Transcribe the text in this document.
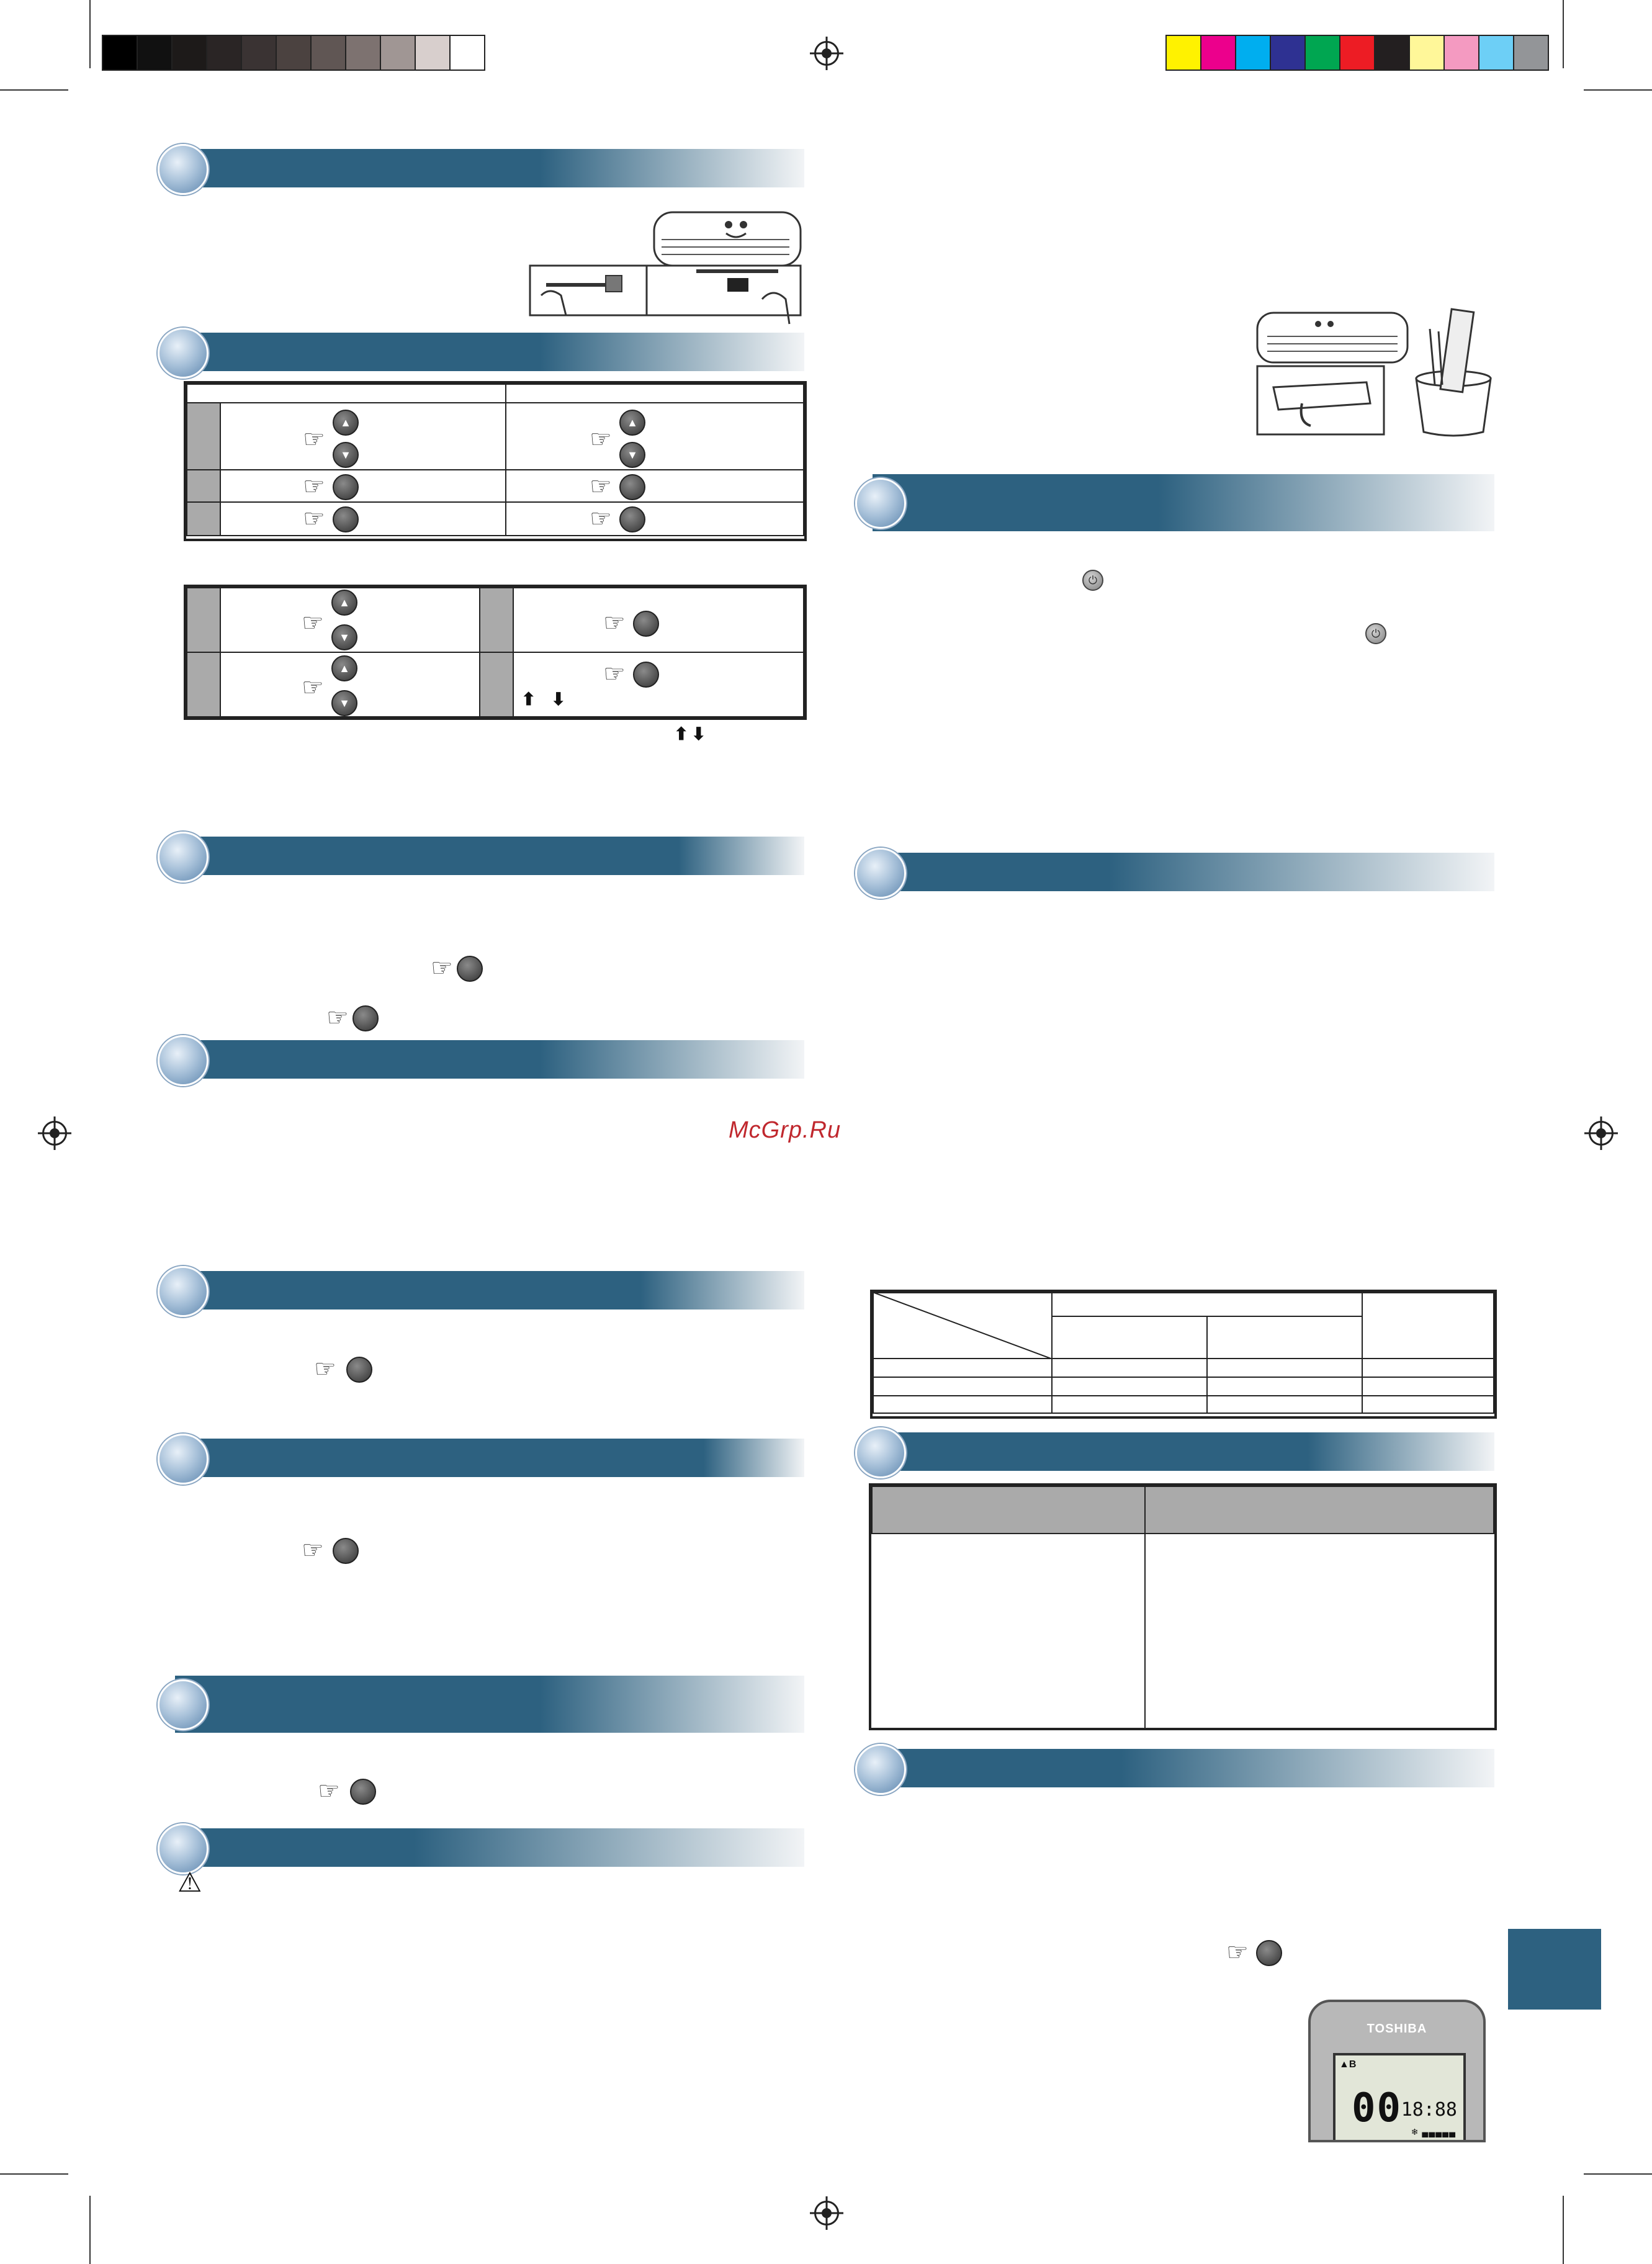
McGrp.Ru
▲
▼
☞
▲
▼
☞
☞	☞
☞	☞
▲
▼
☞
▲
▼
☞
☞
☞
⬆ ⬇
⬆ ⬇
☞
☞
☞
☞
☞
⚠
⏻
⏻
☞
TOSHIBA
▲B
00
18:88
❄ ▄▄▄▄▄
